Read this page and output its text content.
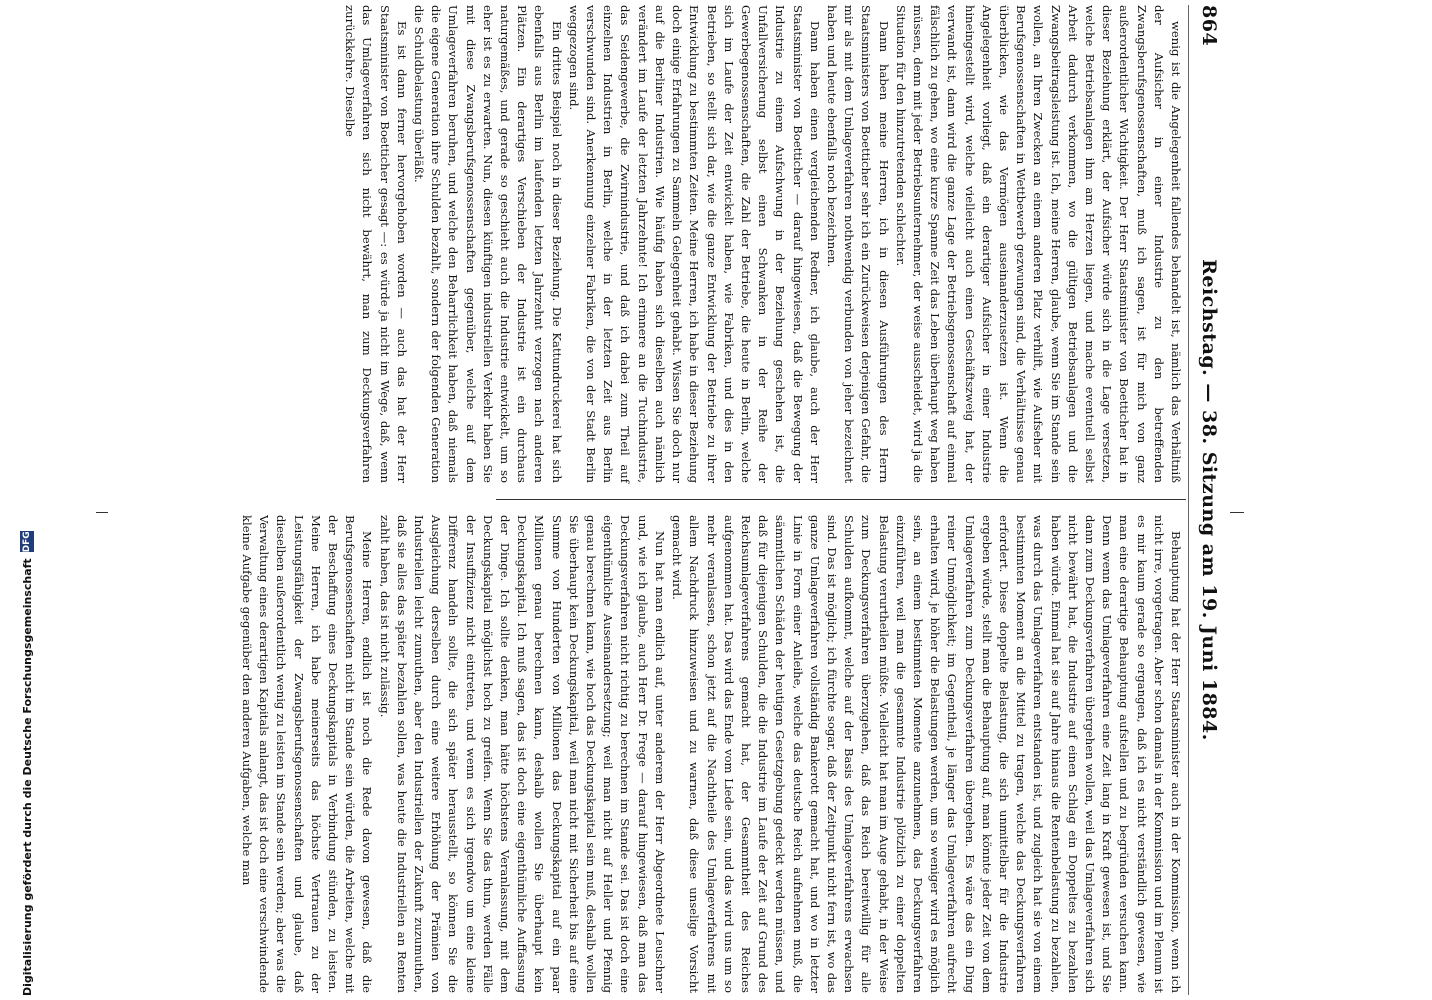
864
Reichstag. — 38. Sitzung am 19. Juni 1884.

wenig ist die Angelegenheit fallendes behandelt ist, nämlich das Verhältniß der Aufsicher in einer Industrie zu den betreffenden Zwangsberufsgenossenschaften, muß ich sagen, ist für mich von ganz außerordentlicher Wichtigkeit. Der Herr Staatsminister von Boetticher hat in dieser Beziehung erklärt, der Aufsicher würde sich in die Lage versetzen, welche Betriebsanlagen ihm am Herzen liegen, und mache eventuell selbst Arbeit dadurch verkommen, wo die gültigen Betriebsanlagen und die Zwangsbeitragsleistung ist. Ich, meine Herren, glaube, wenn Sie im Stande sein wollen, an Ihren Zwecken an einem anderen Platz verhilft, wie Aufseher mit Berufsgenossenschaften in Wettbewerb gezwungen sind, die Verhältnisse genau überblicken, wie das Vermögen auseinanderzusetzen ist. Wenn die Angelegenheit vorliegt, daß ein derartiger Aufsicher in einer Industrie hineingestellt wird, welche vielleicht auch einen Geschäftszweig hat, der verwandt ist, dann wird die ganze Lage der Betriebsgenossenschaft auf einmal fälschlich zu gehen, wo eine kurze Spanne Zeit das Leben überhaupt weg haben müssen, denn mit jeder Betriebsunternehmer, der weise ausscheidet, wird ja die Situation für den hinzutretenden schlechter.

Dann haben meine Herren, ich in diesen Ausführungen des Herrn Staatsministers von Boetticher sehr ich ein Zurückweisen derjenigen Gefahr, die mir als mit dem Umlageverfahren nothwendig verbunden von jeher bezeichnet haben und heute ebenfalls noch bezeichnen.

Dann haben einen vergleichenden Redner, ich glaube, auch der Herr Staatsminister von Boetticher — darauf hingewiesen, daß die Bewegung der Industrie zu einem Aufschwung in der Beziehung geschehen ist, die Unfallversicherung selbst einen Schwanken in der Reihe der Gewerbegenossenschaften, die Zahl der Betriebe, die heute in Berlin, welche sich im Laufe der Zeit entwickelt haben, wie Fabriken, und dies in den Betrieben, so stellt sich dar, wie die ganze Entwicklung der Betriebe zu ihrer Entwicklung zu bestimmten Zeiten. Meine Herren, ich habe in dieser Beziehung doch einige Erfahrungen zu Sammeln Gelegenheit gehabt. Wissen Sie doch nur auf die Berliner Industrien. Wie häufig haben sich dieselben auch nämlich verändert im Laufe der letzten Jahrzehnte! Ich erinnere an die Tuchindustrie, das Seidengewerbe, die Zwirnindustrie, und daß ich dabei zum Theil auf einzelnen Industrien in Berlin, welche in der letzten Zeit aus Berlin verschwunden sind. Anerkennung einzelner Fabriken, die von der Stadt Berlin weggezogen sind.

Ein drittes Beispiel noch in dieser Beziehung. Die Kattundruckerei hat sich ebenfalls aus Berlin im laufenden letzten Jahrzehnt verzogen nach anderen Plätzen. Ein derartiges Verschieben der Industrie ist ein durchaus naturgemäßes, und gerade so geschieht auch die Industrie entwickelt, um so eher ist es zu erwarten. Nun, diesen künftigen industriellen Verkehr haben Sie mit diese Zwangsberufsgenossenschaften gegenüber, welche auf dem Umlageverfahren beruhen, und welche den Beharrlichkeit haben, daß niemals die eigene Generation ihre Schulden bezahlt, sondern der folgenden Generation die Schuldbelastung überläßt.

Es ist dann ferner hervorgehoben worden — auch das hat der Herr Staatsminister von Boetticher gesagt —: es würde ja nicht im Wege, daß, wenn das Umlageverfahren sich nicht bewährt, man zum Deckungsverfahren zurückkehre. Dieselbe

Behauptung hat der Herr Staatsminister auch in der Kommission, wenn ich nicht irre, vorgetragen. Aber schon damals in der Kommission und im Plenum ist es mir kaum gerade so ergangen, daß ich es nicht verständlich gewesen, wie man eine derartige Behauptung aufstellen und zu begründen versuchen kann. Denn wenn das Umlageverfahren eine Zeit lang in Kraft gewesen ist, und Sie dann zum Deckungsverfahren übergehen wollen, weil das Umlageverfahren sich nicht bewährt hat, die Industrie auf einen Schlag ein Doppeltes zu bezahlen haben würde. Einmal hat sie auf Jahre hinaus die Rentenbelastung zu bezahlen, was durch das Umlageverfahren entstanden ist, und zugleich hat sie von einem bestimmten Moment an die Mittel zu tragen, welche das Deckungsverfahren erfordert. Diese doppelte Belastung, die sich unmittelbar für die Industrie ergeben würde, stellt man die Behauptung auf, man könnte jeder Zeit von dem Umlageverfahren zum Deckungsverfahren übergehen. Es wäre das ein Ding reiner Unmöglichkeit; im Gegentheil, je länger das Umlageverfahren aufrecht erhalten wird, je höher die Belastungen werden, um so weniger wird es möglich sein, an einem bestimmten Momente anzunehmen, das Deckungsverfahren einzuführen, weil man die gesammte Industrie plötzlich zu einer doppelten Belastung verurtheilen müßte. Vielleicht hat man im Auge gehabt, in der Weise zum Deckungsverfahren überzugehen, daß das Reich bereitwillig für alle Schulden aufkommt, welche auf der Basis des Umlageverfahrens erwachsen sind. Das ist möglich; ich fürchte sogar, daß der Zeitpunkt nicht fern ist, wo das ganze Umlageverfahren vollständig Bankerott gemacht hat, und wo in letzter Linie in Form einer Anleihe, welche das deutsche Reich aufnehmen muß, die sämmtlichen Schäden der heutigen Gesetzgebung gedeckt werden müssen, und daß für diejenigen Schulden, die die Industrie im Laufe der Zeit auf Grund des Reichsumlageverfahrens gemacht hat, der Gesammtheit des Reiches aufgenommen hat. Das wird das Ende vom Liede sein, und das wird uns um so mehr veranlassen, schon jetzt auf die Nachtheile des Umlageverfahrens mit allem Nachdruck hinzuweisen und zu warnen, daß diese unselige Vorsicht gemacht wird.

Nun hat man endlich auf, unter anderem der Herr Abgeordnete Leuschner und, wie ich glaube, auch Herr Dr. Frege — darauf hingewiesen, daß man das Deckungsverfahren nicht richtig zu berechnen im Stande sei. Das ist doch eine eigenthümliche Auseinandersetzung; weil man nicht auf Heller und Pfennig genau berechnen kann, wie hoch das Deckungskapital sein muß, deshalb wollen Sie überhaupt kein Deckungskapital, weil man nicht mit Sicherheit bis auf eine Summe von Hunderten von Millionen das Deckungskapital auf ein paar Millionen genau berechnen kann, deshalb wollen Sie überhaupt kein Deckungskapital. Ich muß sagen, das ist doch eine eigenthümliche Auffassung der Dinge. Ich sollte denken, man hätte höchstens Veranlassung, mit dem Deckungskapital möglichst hoch zu greifen. Wenn Sie das thun, werden Fälle der Insuffizienz nicht eintreten, und wenn es sich irgendwo um eine kleine Differenz handeln sollte, die sich später herausstellt, so können Sie die Ausgleichung derselben durch eine weitere Erhöhung der Prämien von Industriellen leicht zumuthen, aber den Industriellen der Zukunft zuzumuthen, daß sie alles das später bezahlen sollen, was heute die Industriellen an Renten zahlt haben, das ist nicht zulässig.

Meine Herren, endlich ist noch die Rede davon gewesen, daß die Berufsgenossenschaften nicht im Stande sein würden, die Arbeiten, welche mit der Beschaffung eines Deckungskapitals in Verbindung stünden, zu leisten. Meine Herren, ich habe meinerseits das höchste Vertrauen zu der Leistungsfähigkeit der Zwangsberufsgenossenschaften und glaube, daß dieselben außerordentlich wenig zu leisten im Stande sein werden; aber was die Verwaltung eines derartigen Kapitals anlangt, das ist doch eine verschwindende kleine Aufgabe gegenüber den anderen Aufgaben, welche man

Digitalisierung gefördert durch die Deutsche Forschungsgemeinschaft
DFG
